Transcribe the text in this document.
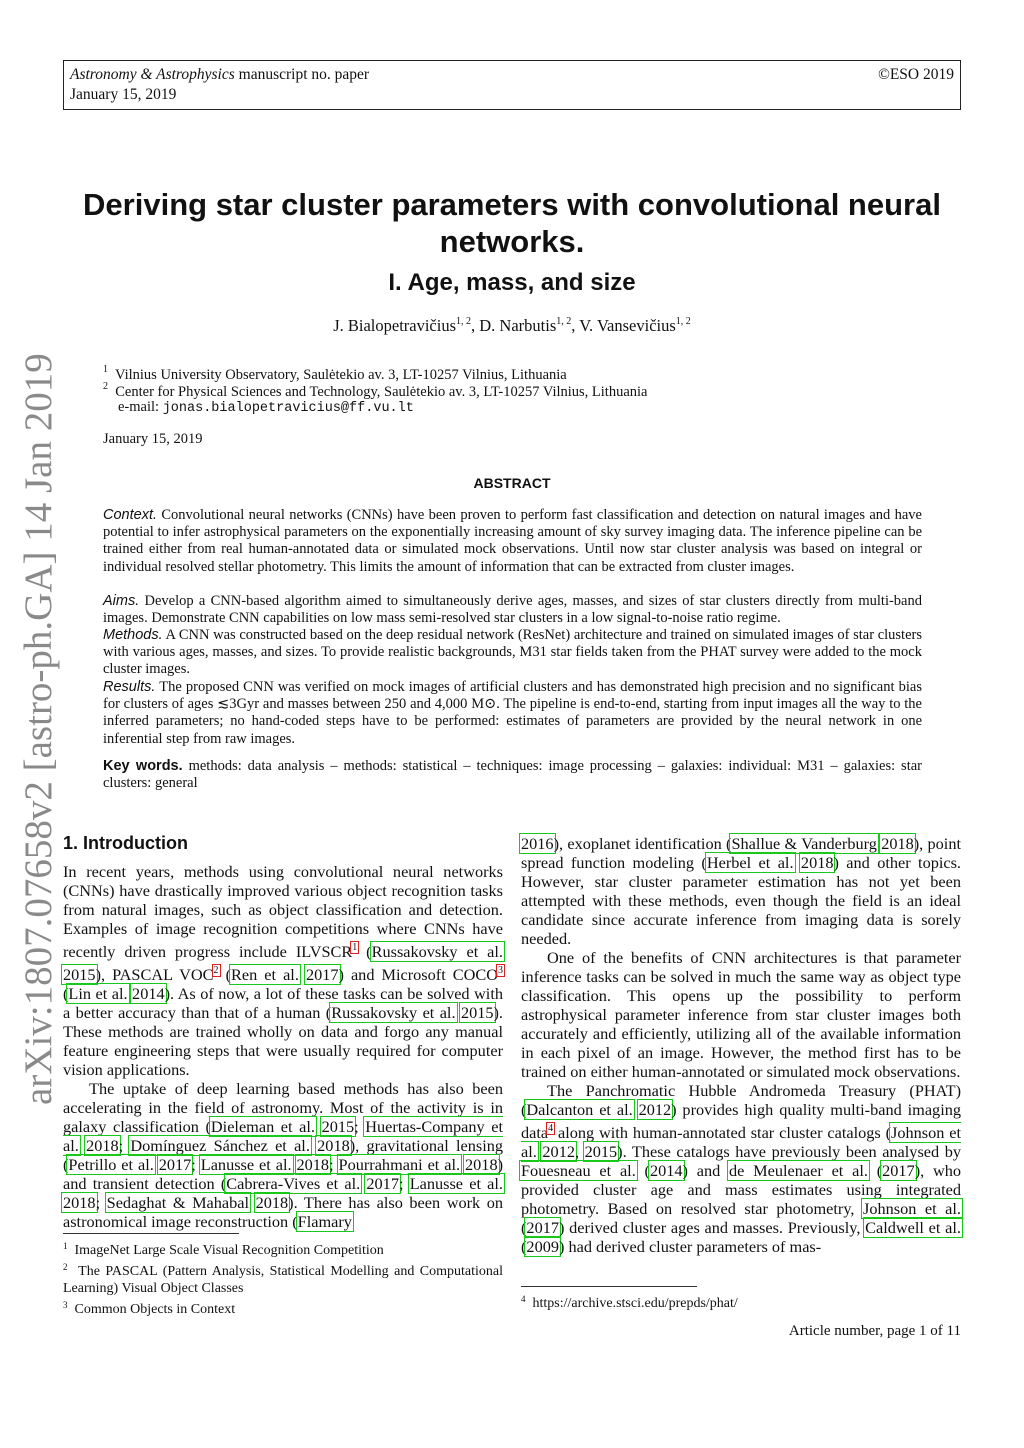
Astronomy & Astrophysics manuscript no. paper
January 15, 2019
©ESO 2019
arXiv:1807.07658v2 [astro-ph.GA] 14 Jan 2019
Deriving star cluster parameters with convolutional neural networks.
I. Age, mass, and size
J. Bialopetravičius$^{1, 2}$, D. Narbutis$^{1, 2}$, V. Vansevičius$^{1, 2}$
$^1$ Vilnius University Observatory, Saulėtekio av. 3, LT-10257 Vilnius, Lithuania
$^2$ Center for Physical Sciences and Technology, Saulėtekio av. 3, LT-10257 Vilnius, Lithuania
e-mail: jonas.bialopetravicius@ff.vu.lt
January 15, 2019
ABSTRACT
Context. Convolutional neural networks (CNNs) have been proven to perform fast classification and detection on natural images and have potential to infer astrophysical parameters on the exponentially increasing amount of sky survey imaging data. The inference pipeline can be trained either from real human-annotated data or simulated mock observations. Until now star cluster analysis was based on integral or individual resolved stellar photometry. This limits the amount of information that can be extracted from cluster images.
Aims. Develop a CNN-based algorithm aimed to simultaneously derive ages, masses, and sizes of star clusters directly from multi-band images. Demonstrate CNN capabilities on low mass semi-resolved star clusters in a low signal-to-noise ratio regime.
Methods. A CNN was constructed based on the deep residual network (ResNet) architecture and trained on simulated images of star clusters with various ages, masses, and sizes. To provide realistic backgrounds, M31 star fields taken from the PHAT survey were added to the mock cluster images.
Results. The proposed CNN was verified on mock images of artificial clusters and has demonstrated high precision and no significant bias for clusters of ages ≲3Gyr and masses between 250 and 4,000 M⊙. The pipeline is end-to-end, starting from input images all the way to the inferred parameters; no hand-coded steps have to be performed: estimates of parameters are provided by the neural network in one inferential step from raw images.
Key words. methods: data analysis – methods: statistical – techniques: image processing – galaxies: individual: M31 – galaxies: star clusters: general
1. Introduction

In recent years, methods using convolutional neural networks (CNNs) have drastically improved various object recognition tasks from natural images, such as object classification and detection. Examples of image recognition competitions where CNNs have recently driven progress include ILVSCR$^1$ (Russakovsky et al. 2015), PASCAL VOC$^2$ (Ren et al. 2017) and Microsoft COCO$^3$ (Lin et al. 2014). As of now, a lot of these tasks can be solved with a better accuracy than that of a human (Russakovsky et al. 2015). These methods are trained wholly on data and forgo any manual feature engineering steps that were usually required for computer vision applications.

The uptake of deep learning based methods has also been accelerating in the field of astronomy. Most of the activity is in galaxy classification (Dieleman et al. 2015; Huertas-Company et al. 2018; Domínguez Sánchez et al. 2018), gravitational lensing (Petrillo et al. 2017; Lanusse et al. 2018; Pourrahmani et al. 2018) and transient detection (Cabrera-Vives et al. 2017; Lanusse et al. 2018; Sedaghat & Mahabal 2018). There has also been work on astronomical image reconstruction (Flamary

2016), exoplanet identification (Shallue & Vanderburg 2018), point spread function modeling (Herbel et al. 2018) and other topics. However, star cluster parameter estimation has not yet been attempted with these methods, even though the field is an ideal candidate since accurate inference from imaging data is sorely needed.

One of the benefits of CNN architectures is that parameter inference tasks can be solved in much the same way as object type classification. This opens up the possibility to perform astrophysical parameter inference from star cluster images both accurately and efficiently, utilizing all of the available information in each pixel of an image. However, the method first has to be trained on either human-annotated or simulated mock observations.

The Panchromatic Hubble Andromeda Treasury (PHAT) (Dalcanton et al. 2012) provides high quality multi-band imaging data$^4$ along with human-annotated star cluster catalogs (Johnson et al. 2012, 2015). These catalogs have previously been analysed by Fouesneau et al. (2014) and de Meulenaer et al. (2017), who provided cluster age and mass estimates using integrated photometry. Based on resolved star photometry, Johnson et al. (2017) derived cluster ages and masses. Previously, Caldwell et al. (2009) had derived cluster parameters of mas-

$^1$ ImageNet Large Scale Visual Recognition Competition
$^2$ The PASCAL (Pattern Analysis, Statistical Modelling and Computational Learning) Visual Object Classes
$^3$ Common Objects in Context
$^4$ https://archive.stsci.edu/prepds/phat/
Article number, page 1 of 11
